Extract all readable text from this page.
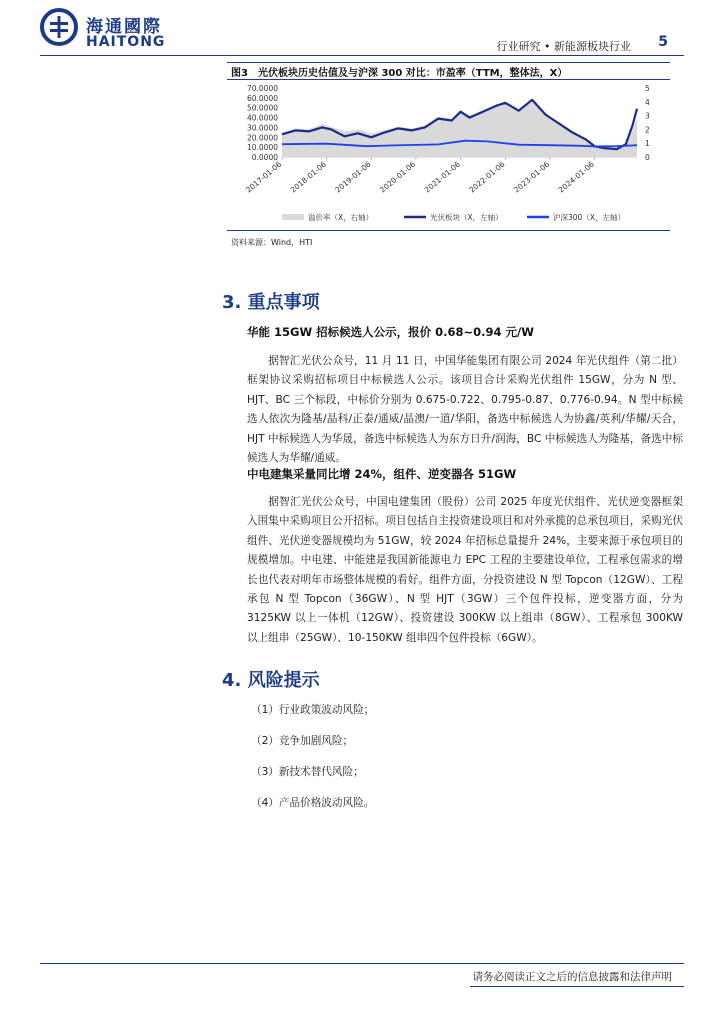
海通國際
HAITONG	行业研究 • 新能源板块行业 5
图3　光伏板块历史估值及与沪深 300 对比：市盈率（TTM，整体法，X）
70.0000
60.0000
50.0000
40.0000
30.0000
20.0000
10.0000
0.0000
5
4
3
2
1
0
2017-01-06 2018-01-06 2019-01-06 2020-01-06 2021-01-06 2022-01-06 2023-01-06 2024-01-06
溢价率（X，右轴）	光伏板块（X，左轴）	沪深300（X，左轴）
资料来源：Wind，HTI
3. 重点事项
华能 15GW 招标候选人公示，报价 0.68~0.94 元/W
据智汇光伏公众号，11 月 11 日，中国华能集团有限公司 2024 年光伏组件（第二批）框架协议采购招标项目中标候选人公示。该项目合计采购光伏组件 15GW，分为 N 型、HJT、BC 三个标段，中标价分别为 0.675-0.722、0.795-0.87、0.776-0.94。N 型中标候选人依次为隆基/晶科/正泰/通威/晶澳/一道/华阳，备选中标候选人为协鑫/英利/华耀/天合，HJT 中标候选人为华晟，备选中标候选人为东方日升/润海，BC 中标候选人为隆基，备选中标候选人为华耀/通威。
中电建集采量同比增 24%，组件、逆变器各 51GW
据智汇光伏公众号，中国电建集团（股份）公司 2025 年度光伏组件、光伏逆变器框架入围集中采购项目公开招标。项目包括自主投资建设项目和对外承揽的总承包项目，采购光伏组件、光伏逆变器规模均为 51GW，较 2024 年招标总量提升 24%，主要来源于承包项目的规模增加。中电建、中能建是我国新能源电力 EPC 工程的主要建设单位，工程承包需求的增长也代表对明年市场整体规模的看好。组件方面，分投资建设 N 型 Topcon（12GW）、工程承包 N 型 Topcon（36GW）、N 型 HJT（3GW）三个包件投标，逆变器方面，分为 3125KW 以上一体机（12GW）、投资建设 300KW 以上组串（8GW）、工程承包 300KW 以上组串（25GW）、10-150KW 组串四个包件投标（6GW）。
4. 风险提示
（1）行业政策波动风险；
（2）竞争加剧风险；
（3）新技术替代风险；
（4）产品价格波动风险。
请务必阅读正文之后的信息披露和法律声明
